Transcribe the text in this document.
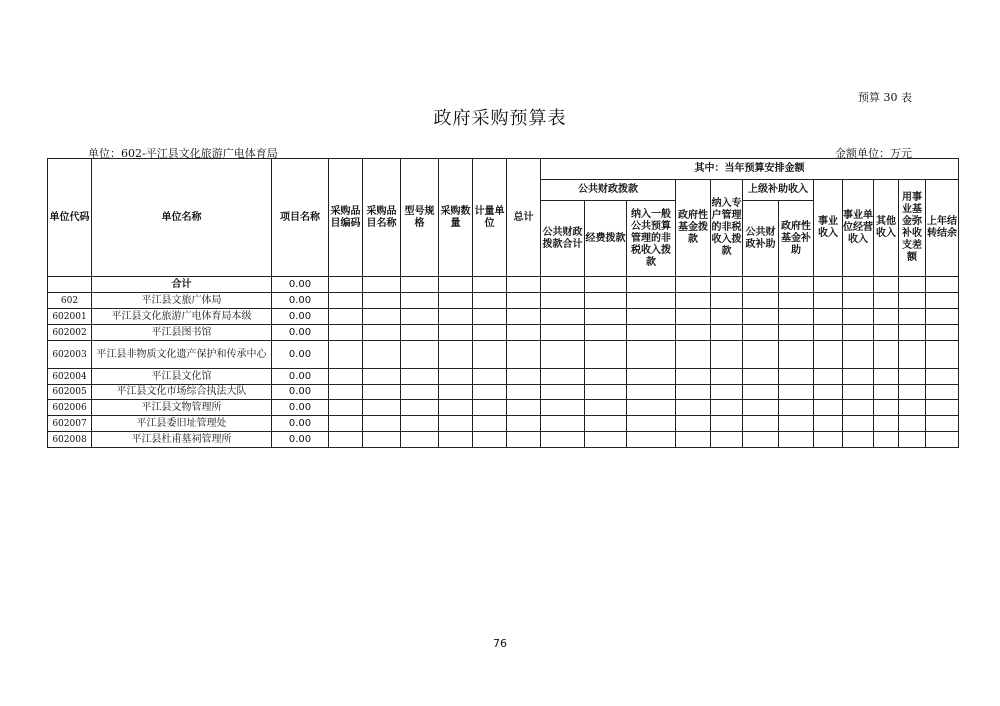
预算 30 表
政府采购预算表
单位：602-平江县文化旅游广电体育局	金额单位：万元
单位代码	单位名称	项目名称	采购品目编码	采购品目名称	型号规格	采购数量	计量单位	总计	其中：当年预算安排金额											
									公共财政拨款			政府性基金拨款	纳入专户管理的非税收入拨款	上级补助收入		事业收入	事业单位经营收入	其他收入	用事业基金弥补收支差额	上年结转结余
									公共财政拨款合计	经费拨款	纳入一般公共预算管理的非税收入拨款			公共财政补助	政府性基金补助					
	合计	0.00																		
602	平江县文旅广体局	0.00																		
602001	平江县文化旅游广电体育局本级	0.00																		
602002	平江县图书馆	0.00																		
602003	平江县非物质文化遗产保护和传承中心	0.00																		
602004	平江县文化馆	0.00																		
602005	平江县文化市场综合执法大队	0.00																		
602006	平江县文物管理所	0.00																		
602007	平江县委旧址管理处	0.00																		
602008	平江县杜甫墓祠管理所	0.00																		
76
